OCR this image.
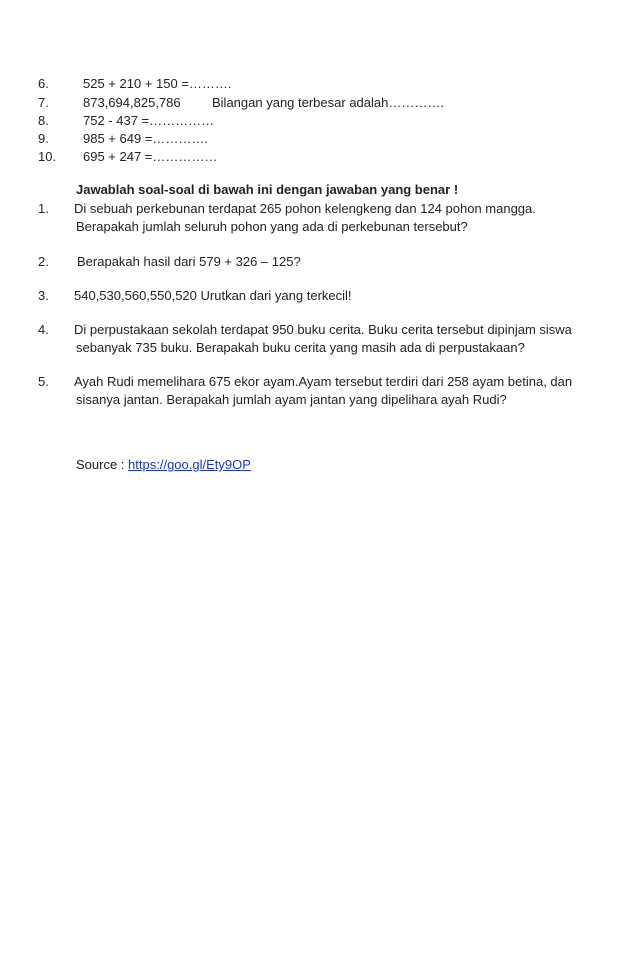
6.	525 + 210 + 150 =……….
7.	873,694,825,786 Bilangan yang terbesar adalah………….
8.	752 - 437 =……………
9.	985 + 649 =………….
10. 695 + 247 =……………
Jawablah soal-soal di bawah ini dengan jawaban yang benar !
1. Di sebuah perkebunan terdapat 265 pohon kelengkeng dan 124 pohon mangga.
Berapakah jumlah seluruh pohon yang ada di perkebunan tersebut?
2. Berapakah hasil dari 579 + 326 – 125?
3. 540,530,560,550,520 Urutkan dari yang terkecil!
4. Di perpustakaan sekolah terdapat 950 buku cerita. Buku cerita tersebut dipinjam siswa
sebanyak 735 buku. Berapakah buku cerita yang masih ada di perpustakaan?
5. Ayah Rudi memelihara 675 ekor ayam.Ayam tersebut terdiri dari 258 ayam betina, dan
sisanya jantan. Berapakah jumlah ayam jantan yang dipelihara ayah Rudi?
Source : https://goo.gl/Ety9OP
